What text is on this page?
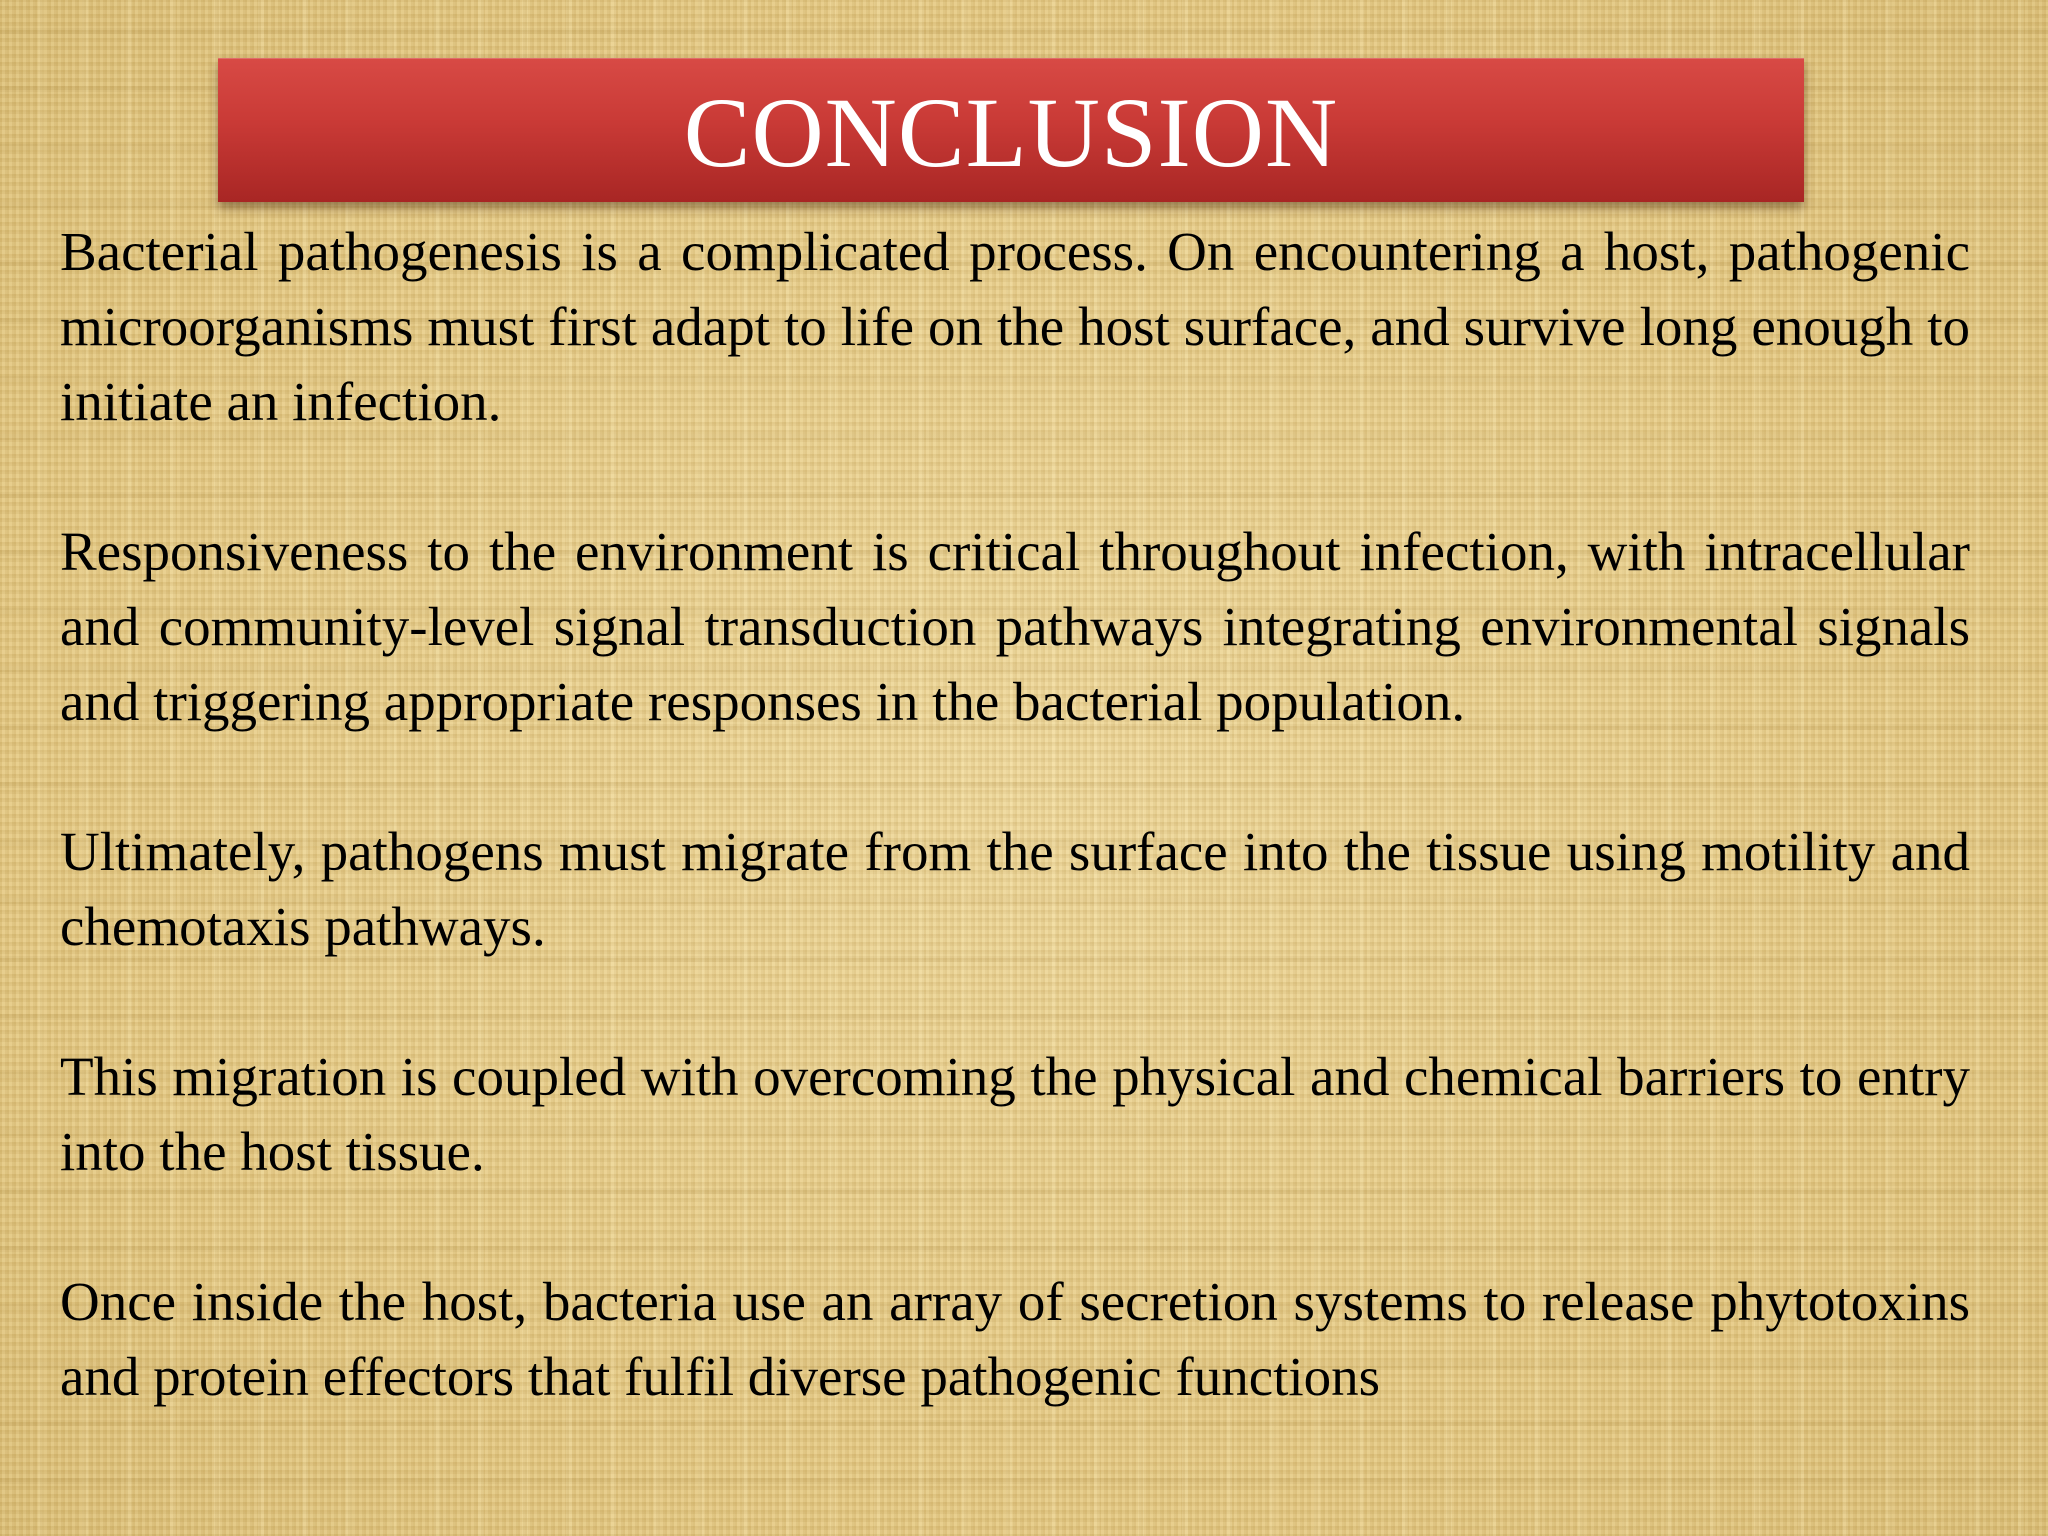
CONCLUSION

Bacterial pathogenesis is a complicated process. On encountering a host, pathogenic microorganisms must first adapt to life on the host surface, and survive long enough to initiate an infection.

Responsiveness to the environment is critical throughout infection, with intracellular and community-level signal transduction pathways integrating environmental signals and triggering appropriate responses in the bacterial population.

Ultimately, pathogens must migrate from the surface into the tissue using motility and chemotaxis pathways.

This migration is coupled with overcoming the physical and chemical barriers to entry into the host tissue.

Once inside the host, bacteria use an array of secretion systems to release phytotoxins and protein effectors that fulfil diverse pathogenic functions
